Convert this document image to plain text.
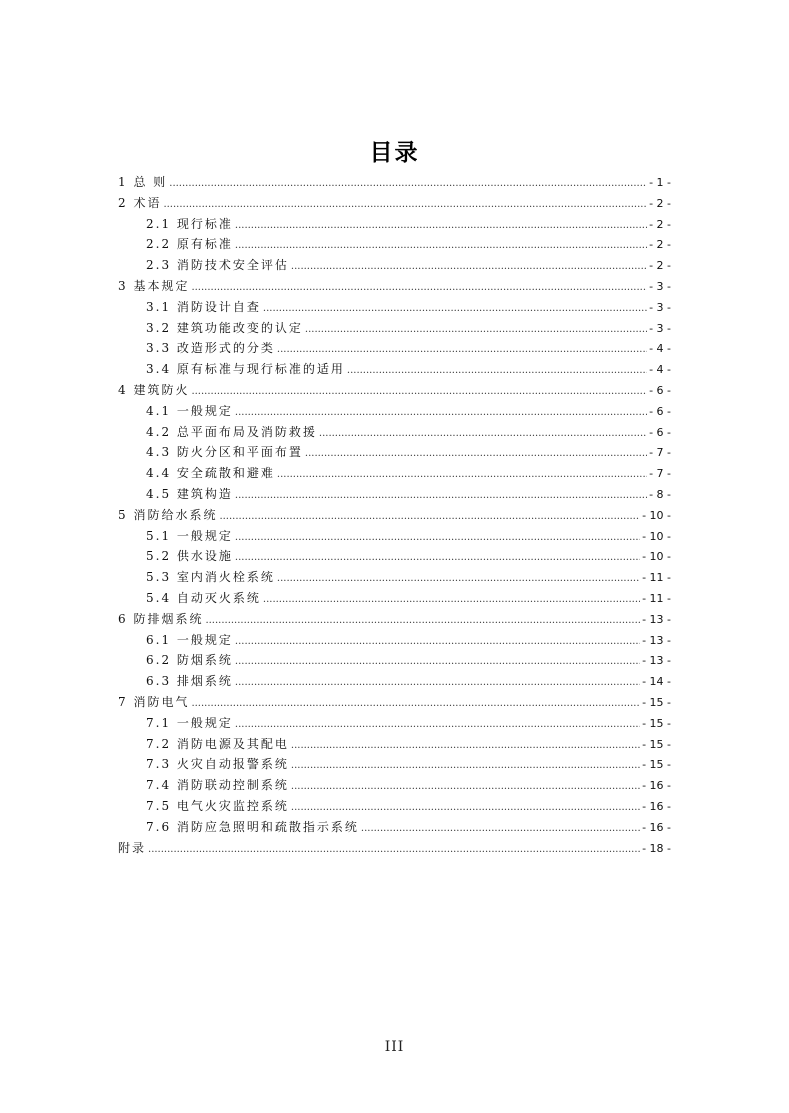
目录
1 总 则 .....	- 1 -
2 术语 .....	- 2 -
2.1 现行标准 .....	- 2 -
2.2 原有标准 .....	- 2 -
2.3 消防技术安全评估 .....	- 2 -
3 基本规定 .....	- 3 -
3.1 消防设计自查 .....	- 3 -
3.2 建筑功能改变的认定 .....	- 3 -
3.3 改造形式的分类 .....	- 4 -
3.4 原有标准与现行标准的适用 .....	- 4 -
4 建筑防火 .....	- 6 -
4.1 一般规定 .....	- 6 -
4.2 总平面布局及消防救援 .....	- 6 -
4.3 防火分区和平面布置 .....	- 7 -
4.4 安全疏散和避难 .....	- 7 -
4.5 建筑构造 .....	- 8 -
5 消防给水系统 .....	- 10 -
5.1 一般规定 .....	- 10 -
5.2 供水设施 .....	- 10 -
5.3 室内消火栓系统 .....	- 11 -
5.4 自动灭火系统 .....	- 11 -
6 防排烟系统 .....	- 13 -
6.1 一般规定 .....	- 13 -
6.2 防烟系统 .....	- 13 -
6.3 排烟系统 .....	- 14 -
7 消防电气 .....	- 15 -
7.1 一般规定 .....	- 15 -
7.2 消防电源及其配电 .....	- 15 -
7.3 火灾自动报警系统 .....	- 15 -
7.4 消防联动控制系统 .....	- 16 -
7.5 电气火灾监控系统 .....	- 16 -
7.6 消防应急照明和疏散指示系统 .....	- 16 -
附录 .....	- 18 -
III
